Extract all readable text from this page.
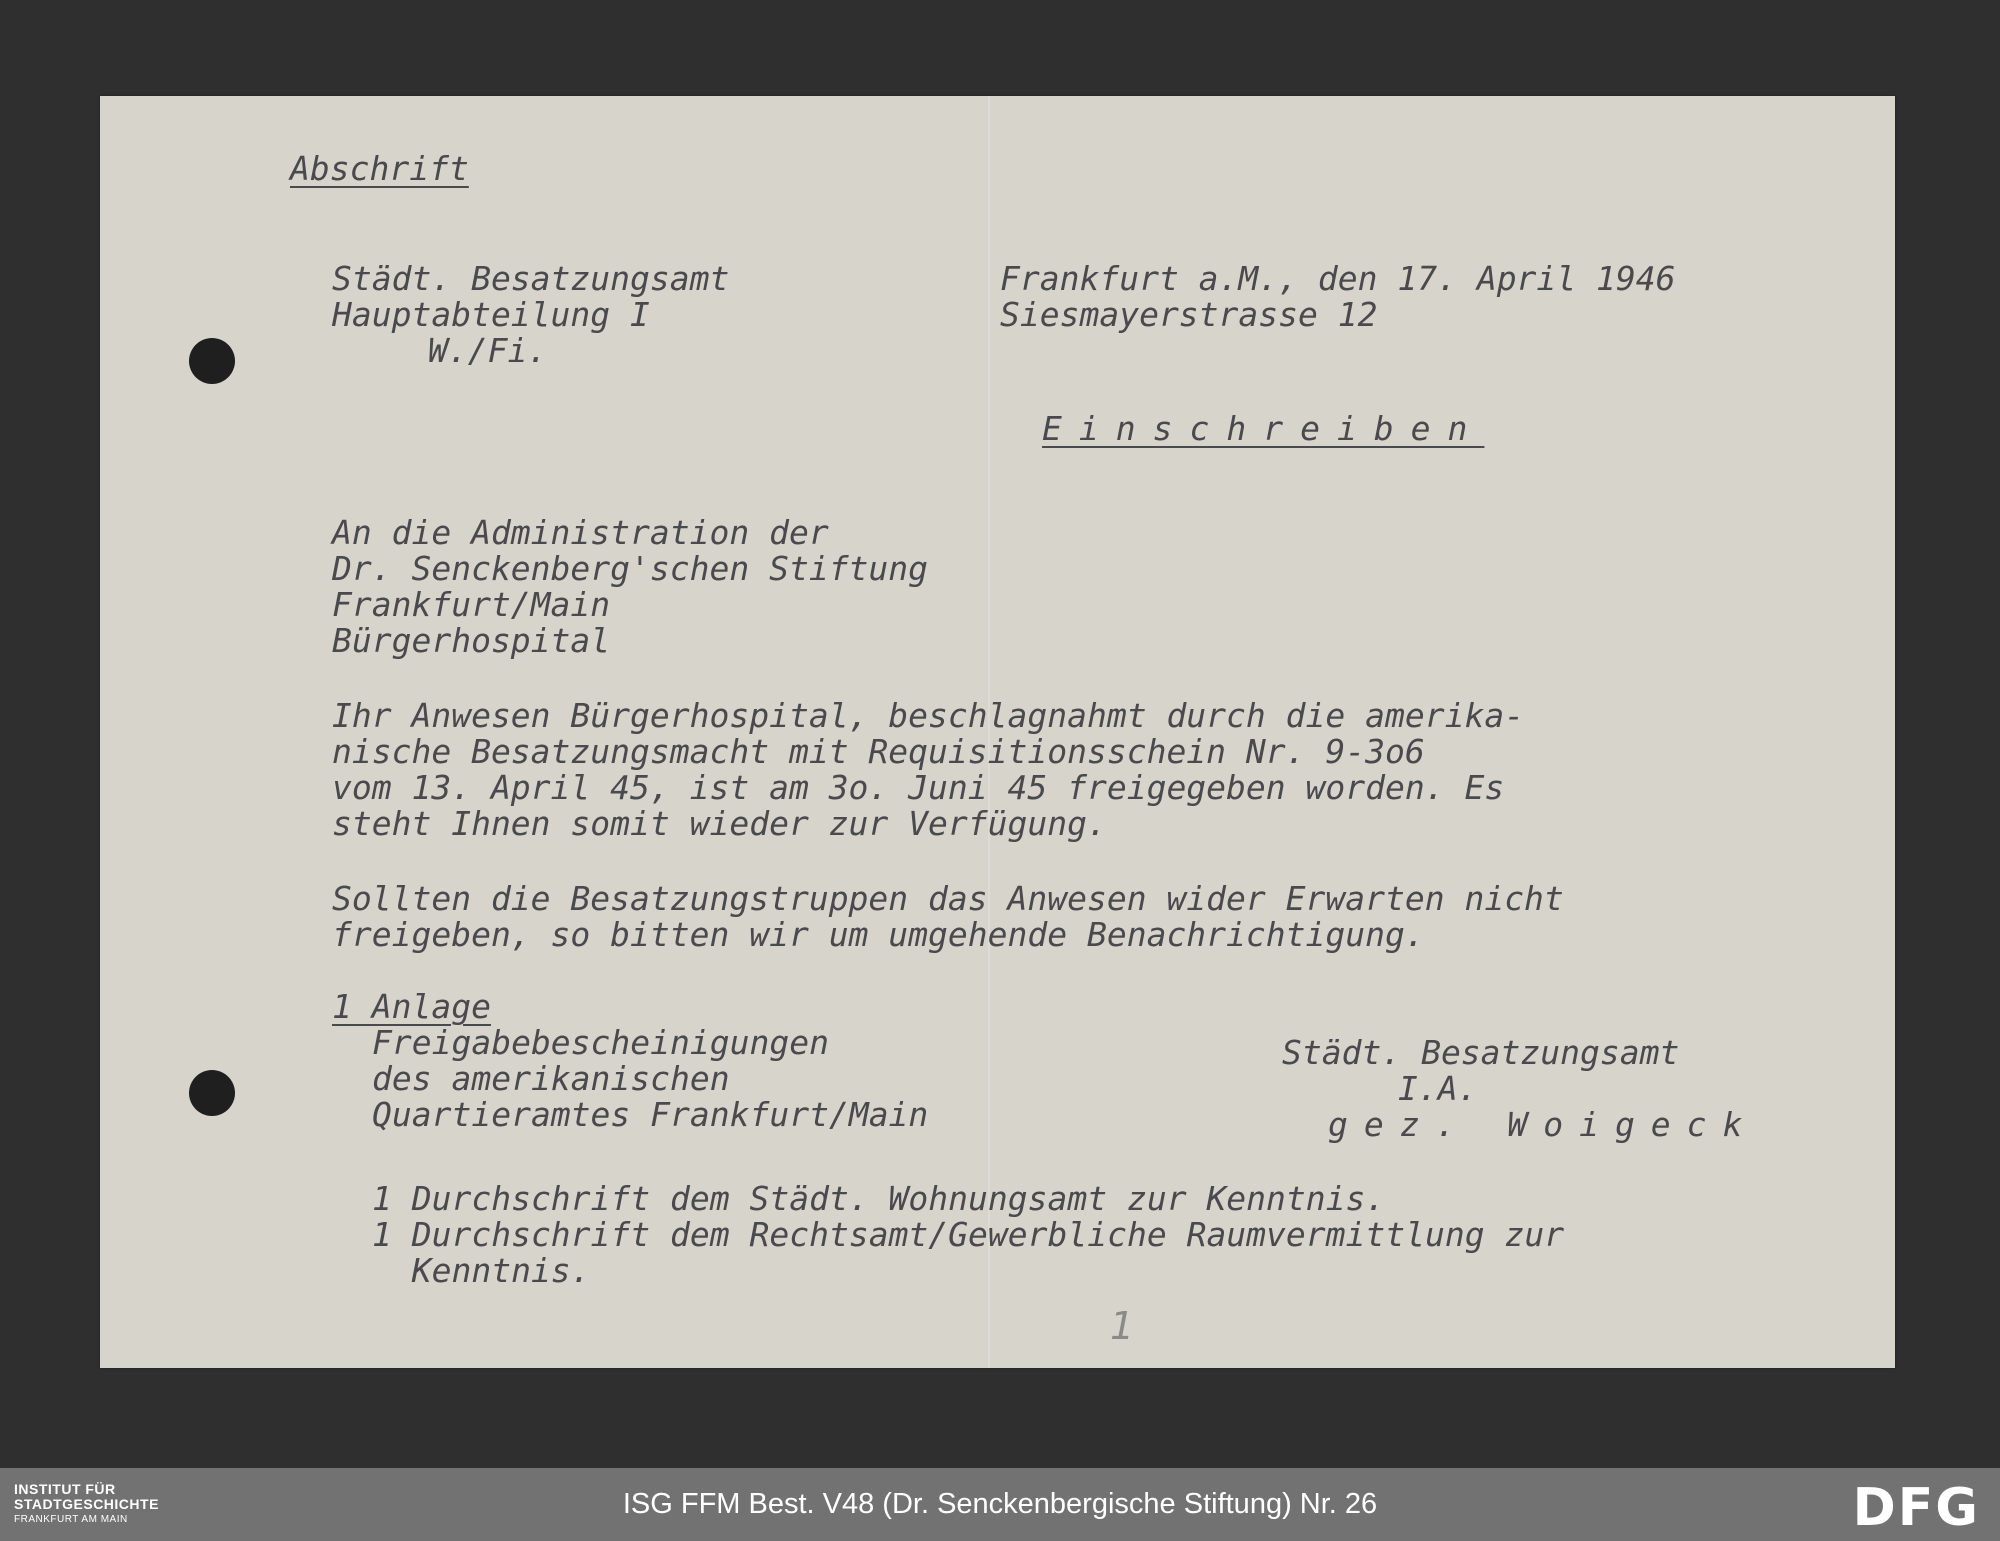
Abschrift

Städt. Besatzungsamt

Hauptabteilung I

W./Fi.

Frankfurt a.M., den 17. April 1946

Siesmayerstrasse 12

Einschreiben

An die Administration der

Dr. Senckenberg'schen Stiftung

Frankfurt/Main

Bürgerhospital

Ihr Anwesen Bürgerhospital, beschlagnahmt durch die amerika-

nische Besatzungsmacht mit Requisitionsschein Nr. 9-3o6

vom 13. April 45, ist am 3o. Juni 45 freigegeben worden. Es

steht Ihnen somit wieder zur Verfügung.

Sollten die Besatzungstruppen das Anwesen wider Erwarten nicht

freigeben, so bitten wir um umgehende Benachrichtigung.

1 Anlage

Freigabebescheinigungen

des amerikanischen

Quartieramtes Frankfurt/Main

Städt. Besatzungsamt

I.A.

gez. Woigeck

1 Durchschrift dem Städt. Wohnungsamt zur Kenntnis.

1 Durchschrift dem Rechtsamt/Gewerbliche Raumvermittlung zur

Kenntnis.

1
INSTITUT FÜR
STADTGESCHICHTE
FRANKFURT AM MAIN	ISG FFM Best. V48 (Dr. Senckenbergische Stiftung) Nr. 26	DFG
